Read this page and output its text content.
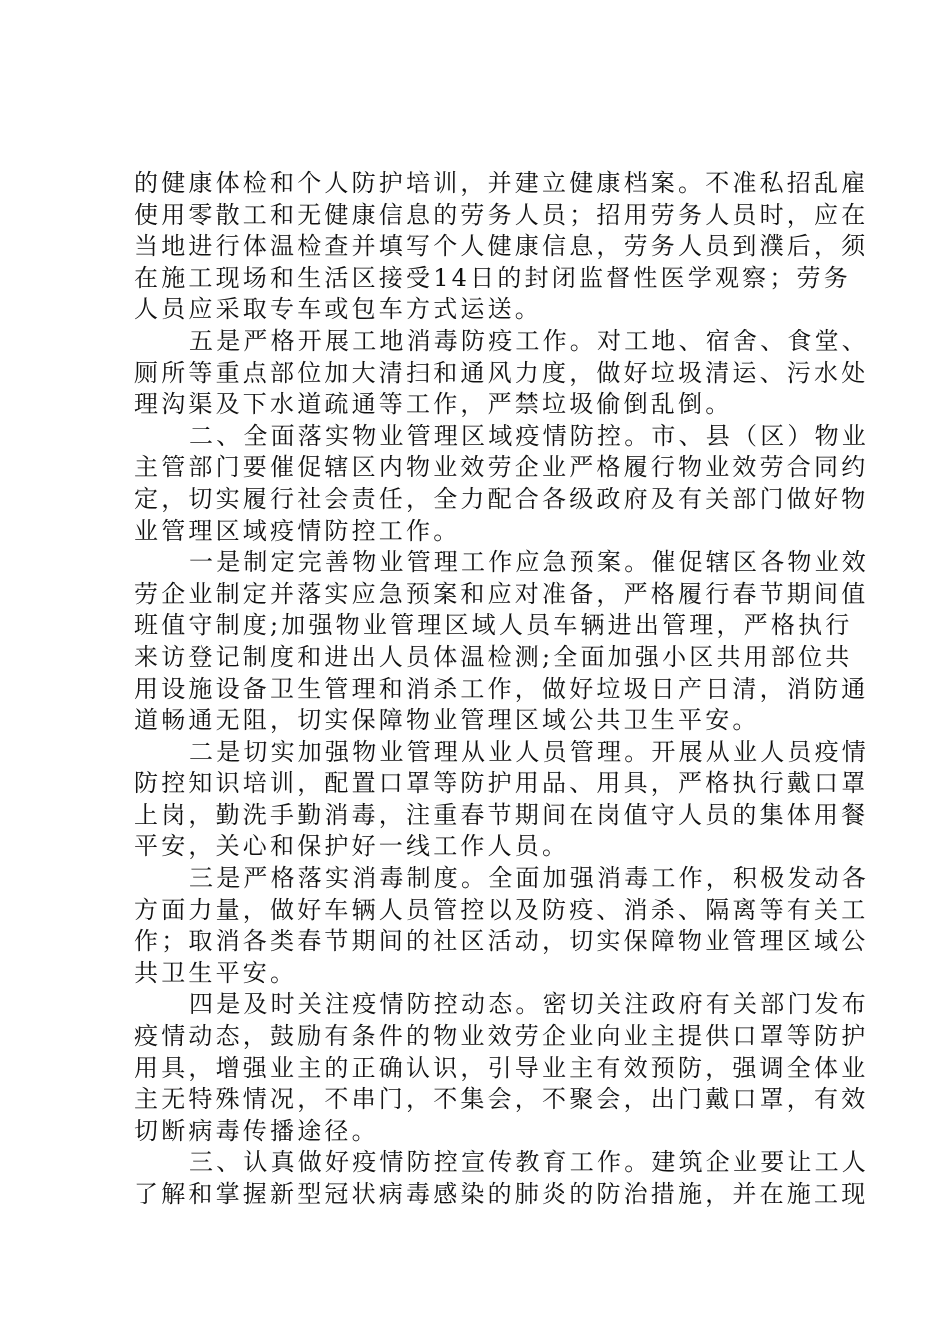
的健康体检和个人防护培训，并建立健康档案。不准私招乱雇
使用零散工和无健康信息的劳务人员；招用劳务人员时，应在
当地进行体温检查并填写个人健康信息，劳务人员到濮后，须
在施工现场和生活区接受14日的封闭监督性医学观察；劳务
人员应采取专车或包车方式运送。
五是严格开展工地消毒防疫工作。对工地、宿舍、食堂、
厕所等重点部位加大清扫和通风力度，做好垃圾清运、污水处
理沟渠及下水道疏通等工作，严禁垃圾偷倒乱倒。
二、全面落实物业管理区域疫情防控。市、县（区）物业
主管部门要催促辖区内物业效劳企业严格履行物业效劳合同约
定，切实履行社会责任，全力配合各级政府及有关部门做好物
业管理区域疫情防控工作。
一是制定完善物业管理工作应急预案。催促辖区各物业效
劳企业制定并落实应急预案和应对准备，严格履行春节期间值
班值守制度;加强物业管理区域人员车辆进出管理，严格执行
来访登记制度和进出人员体温检测;全面加强小区共用部位共
用设施设备卫生管理和消杀工作，做好垃圾日产日清，消防通
道畅通无阻，切实保障物业管理区域公共卫生平安。
二是切实加强物业管理从业人员管理。开展从业人员疫情
防控知识培训，配置口罩等防护用品、用具，严格执行戴口罩
上岗，勤洗手勤消毒，注重春节期间在岗值守人员的集体用餐
平安，关心和保护好一线工作人员。
三是严格落实消毒制度。全面加强消毒工作，积极发动各
方面力量，做好车辆人员管控以及防疫、消杀、隔离等有关工
作；取消各类春节期间的社区活动，切实保障物业管理区域公
共卫生平安。
四是及时关注疫情防控动态。密切关注政府有关部门发布
疫情动态，鼓励有条件的物业效劳企业向业主提供口罩等防护
用具，增强业主的正确认识，引导业主有效预防，强调全体业
主无特殊情况，不串门，不集会，不聚会，出门戴口罩，有效
切断病毒传播途径。
三、认真做好疫情防控宣传教育工作。建筑企业要让工人
了解和掌握新型冠状病毒感染的肺炎的防治措施，并在施工现
